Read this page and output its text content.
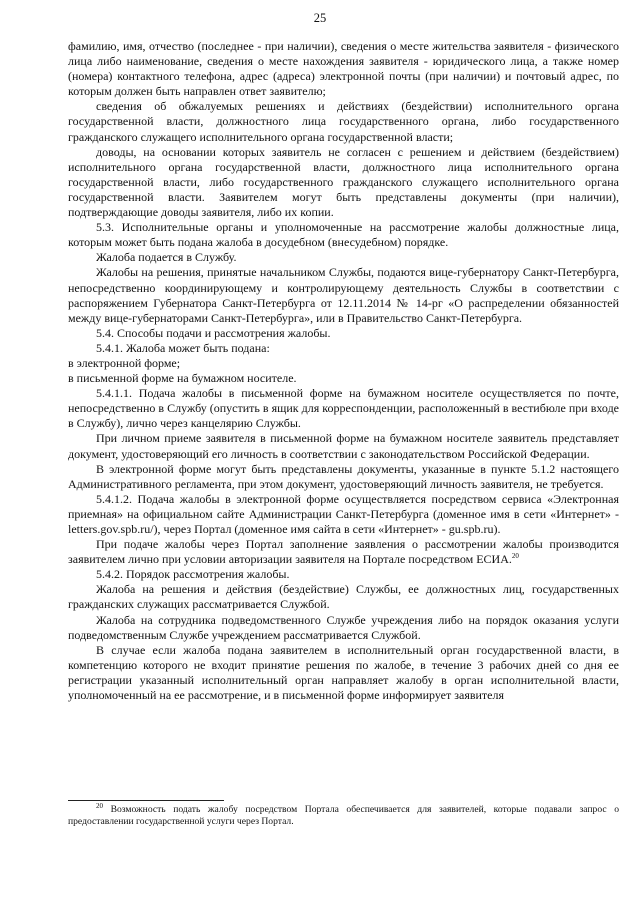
25

фамилию, имя, отчество (последнее - при наличии), сведения о месте жительства заявителя - физического лица либо наименование, сведения о месте нахождения заявителя - юридического лица, а также номер (номера) контактного телефона, адрес (адреса) электронной почты (при наличии) и почтовый адрес, по которым должен быть направлен ответ заявителю;

сведения об обжалуемых решениях и действиях (бездействии) исполнительного органа государственной власти, должностного лица государственного органа, либо государственного гражданского служащего исполнительного органа государственной власти;

доводы, на основании которых заявитель не согласен с решением и действием (бездействием) исполнительного органа государственной власти, должностного лица исполнительного органа государственной власти, либо государственного гражданского служащего исполнительного органа государственной власти. Заявителем могут быть представлены документы (при наличии), подтверждающие доводы заявителя, либо их копии.

5.3. Исполнительные органы и уполномоченные на рассмотрение жалобы должностные лица, которым может быть подана жалоба в досудебном (внесудебном) порядке.

Жалоба подается в Службу.

Жалобы на решения, принятые начальником Службы, подаются вице-губернатору Санкт-Петербурга, непосредственно координирующему и контролирующему деятельность Службы в соответствии с распоряжением Губернатора Санкт-Петербурга от 12.11.2014 № 14-рг «О распределении обязанностей между вице-губернаторами Санкт-Петербурга», или в Правительство Санкт-Петербурга.

5.4. Способы подачи и рассмотрения жалобы.

5.4.1. Жалоба может быть подана:

в электронной форме;

в письменной форме на бумажном носителе.

5.4.1.1. Подача жалобы в письменной форме на бумажном носителе осуществляется по почте, непосредственно в Службу (опустить в ящик для корреспонденции, расположенный в вестибюле при входе в Службу), лично через канцелярию Службы.

При личном приеме заявителя в письменной форме на бумажном носителе заявитель представляет документ, удостоверяющий его личность в соответствии с законодательством Российской Федерации.

В электронной форме могут быть представлены документы, указанные в пункте 5.1.2 настоящего Административного регламента, при этом документ, удостоверяющий личность заявителя, не требуется.

5.4.1.2. Подача жалобы в электронной форме осуществляется посредством сервиса «Электронная приемная» на официальном сайте Администрации Санкт-Петербурга (доменное имя в сети «Интернет» - letters.gov.spb.ru/), через Портал (доменное имя сайта в сети «Интернет» - gu.spb.ru).

При подаче жалобы через Портал заполнение заявления о рассмотрении жалобы производится заявителем лично при условии авторизации заявителя на Портале посредством ЕСИА.$^{20}$

5.4.2. Порядок рассмотрения жалобы.

Жалоба на решения и действия (бездействие) Службы, ее должностных лиц, государственных гражданских служащих рассматривается Службой.

Жалоба на сотрудника подведомственного Службе учреждения либо на порядок оказания услуги подведомственным Службе учреждением рассматривается Службой.

В случае если жалоба подана заявителем в исполнительный орган государственной власти, в компетенцию которого не входит принятие решения по жалобе, в течение 3 рабочих дней со дня ее регистрации указанный исполнительный орган направляет жалобу в орган исполнительной власти, уполномоченный на ее рассмотрение, и в письменной форме информирует заявителя

$^{20}$ Возможность подать жалобу посредством Портала обеспечивается для заявителей, которые подавали запрос о предоставлении государственной услуги через Портал.
